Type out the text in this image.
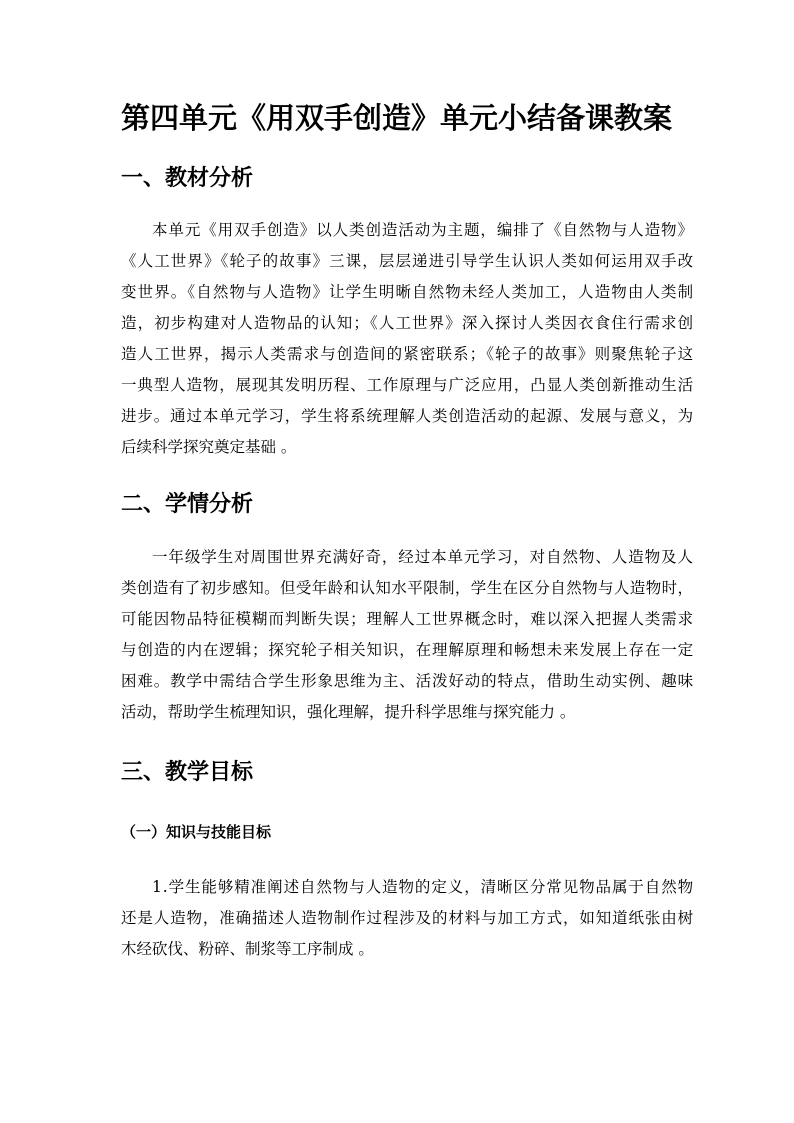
第四单元《用双手创造》单元小结备课教案
一、教材分析
本单元《用双手创造》以人类创造活动为主题，编排了《自然物与人造物》
《人工世界》《轮子的故事》三课，层层递进引导学生认识人类如何运用双手改
变世界。《自然物与人造物》让学生明晰自然物未经人类加工，人造物由人类制
造，初步构建对人造物品的认知；《人工世界》深入探讨人类因衣食住行需求创
造人工世界，揭示人类需求与创造间的紧密联系；《轮子的故事》则聚焦轮子这
一典型人造物，展现其发明历程、工作原理与广泛应用，凸显人类创新推动生活
进步。通过本单元学习，学生将系统理解人类创造活动的起源、发展与意义，为
后续科学探究奠定基础 。
二、学情分析
一年级学生对周围世界充满好奇，经过本单元学习，对自然物、人造物及人
类创造有了初步感知。但受年龄和认知水平限制，学生在区分自然物与人造物时，
可能因物品特征模糊而判断失误；理解人工世界概念时，难以深入把握人类需求
与创造的内在逻辑；探究轮子相关知识，在理解原理和畅想未来发展上存在一定
困难。教学中需结合学生形象思维为主、活泼好动的特点，借助生动实例、趣味
活动，帮助学生梳理知识，强化理解，提升科学思维与探究能力 。
三、教学目标
（一）知识与技能目标
1.学生能够精准阐述自然物与人造物的定义，清晰区分常见物品属于自然物
还是人造物，准确描述人造物制作过程涉及的材料与加工方式，如知道纸张由树
木经砍伐、粉碎、制浆等工序制成 。
